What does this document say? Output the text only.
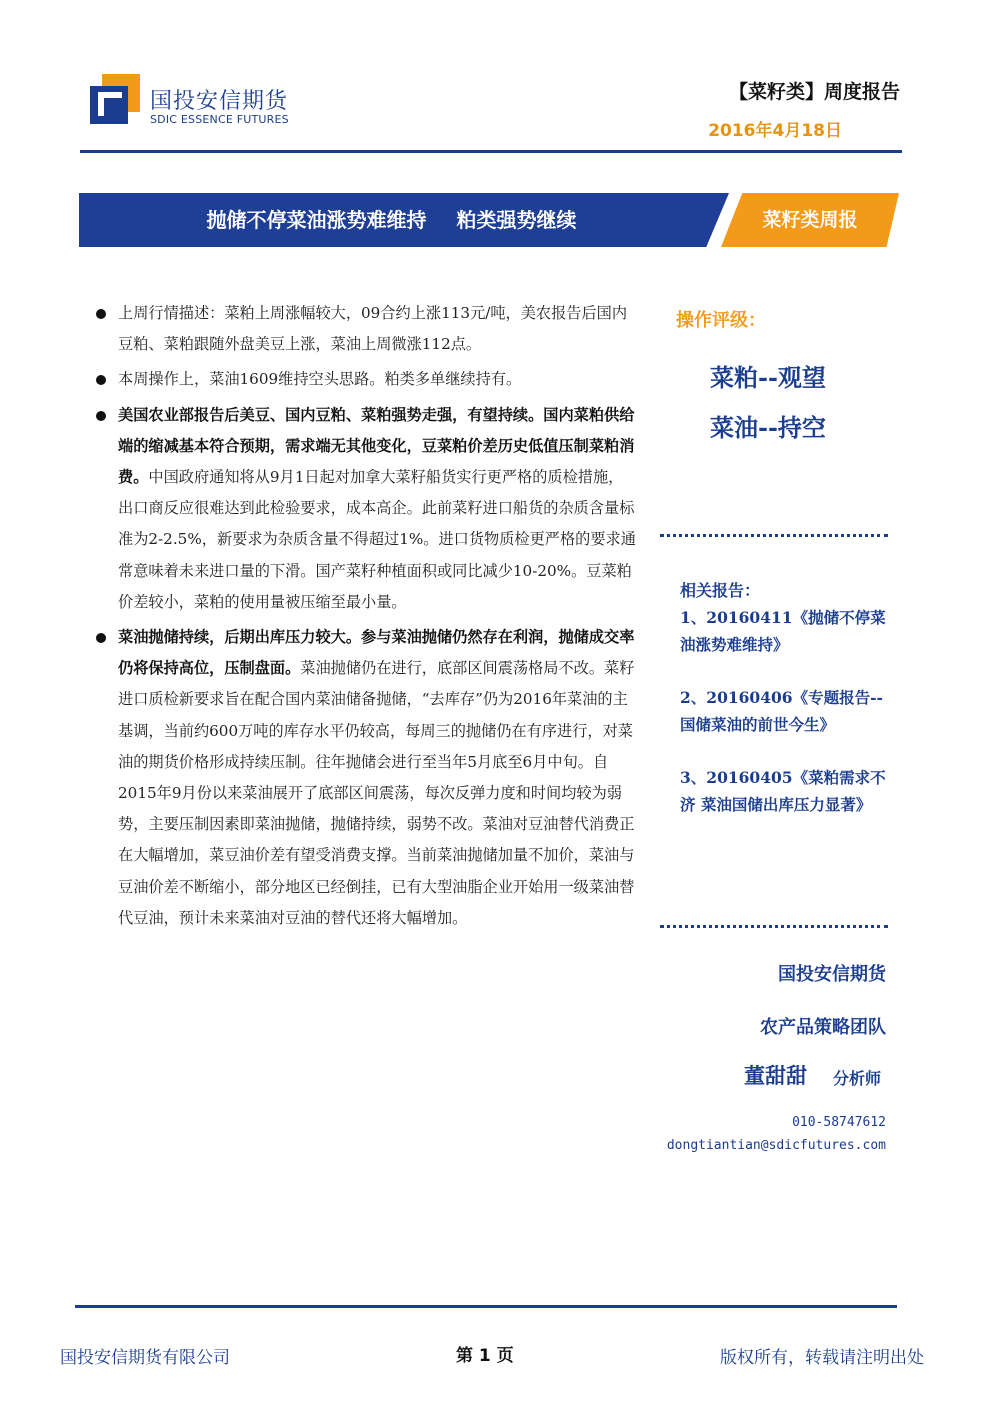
国投安信期货
SDIC ESSENCE FUTURES
【菜籽类】周度报告
2016年4月18日
抛储不停菜油涨势难维持 粕类强势继续	菜籽类周报
上周行情描述：菜粕上周涨幅较大，09合约上涨113元/吨，美农报告后国内豆粕、菜粕跟随外盘美豆上涨，菜油上周微涨112点。
本周操作上，菜油1609维持空头思路。粕类多单继续持有。
美国农业部报告后美豆、国内豆粕、菜粕强势走强，有望持续。国内菜粕供给端的缩减基本符合预期，需求端无其他变化，豆菜粕价差历史低值压制菜粕消费。中国政府通知将从9月1日起对加拿大菜籽船货实行更严格的质检措施，出口商反应很难达到此检验要求，成本高企。此前菜籽进口船货的杂质含量标准为2-2.5%，新要求为杂质含量不得超过1%。进口货物质检更严格的要求通常意味着未来进口量的下滑。国产菜籽种植面积或同比减少10-20%。豆菜粕价差较小，菜粕的使用量被压缩至最小量。
菜油抛储持续，后期出库压力较大。参与菜油抛储仍然存在利润，抛储成交率仍将保持高位，压制盘面。菜油抛储仍在进行，底部区间震荡格局不改。菜籽进口质检新要求旨在配合国内菜油储备抛储，“去库存”仍为2016年菜油的主基调，当前约600万吨的库存水平仍较高，每周三的抛储仍在有序进行，对菜油的期货价格形成持续压制。往年抛储会进行至当年5月底至6月中旬。自2015年9月份以来菜油展开了底部区间震荡，每次反弹力度和时间均较为弱势，主要压制因素即菜油抛储，抛储持续，弱势不改。菜油对豆油替代消费正在大幅增加，菜豆油价差有望受消费支撑。当前菜油抛储加量不加价，菜油与豆油价差不断缩小，部分地区已经倒挂，已有大型油脂企业开始用一级菜油替代豆油，预计未来菜油对豆油的替代还将大幅增加。
操作评级：
菜粕--观望
菜油--持空
相关报告：
1、20160411《抛储不停菜油涨势难维持》
2、20160406《专题报告--国储菜油的前世今生》
3、20160405《菜粕需求不济 菜油国储出库压力显著》
国投安信期货
农产品策略团队
董甜甜 分析师
010-58747612
dongtiantian@sdicfutures.com
国投安信期货有限公司	第 1 页	版权所有，转载请注明出处
